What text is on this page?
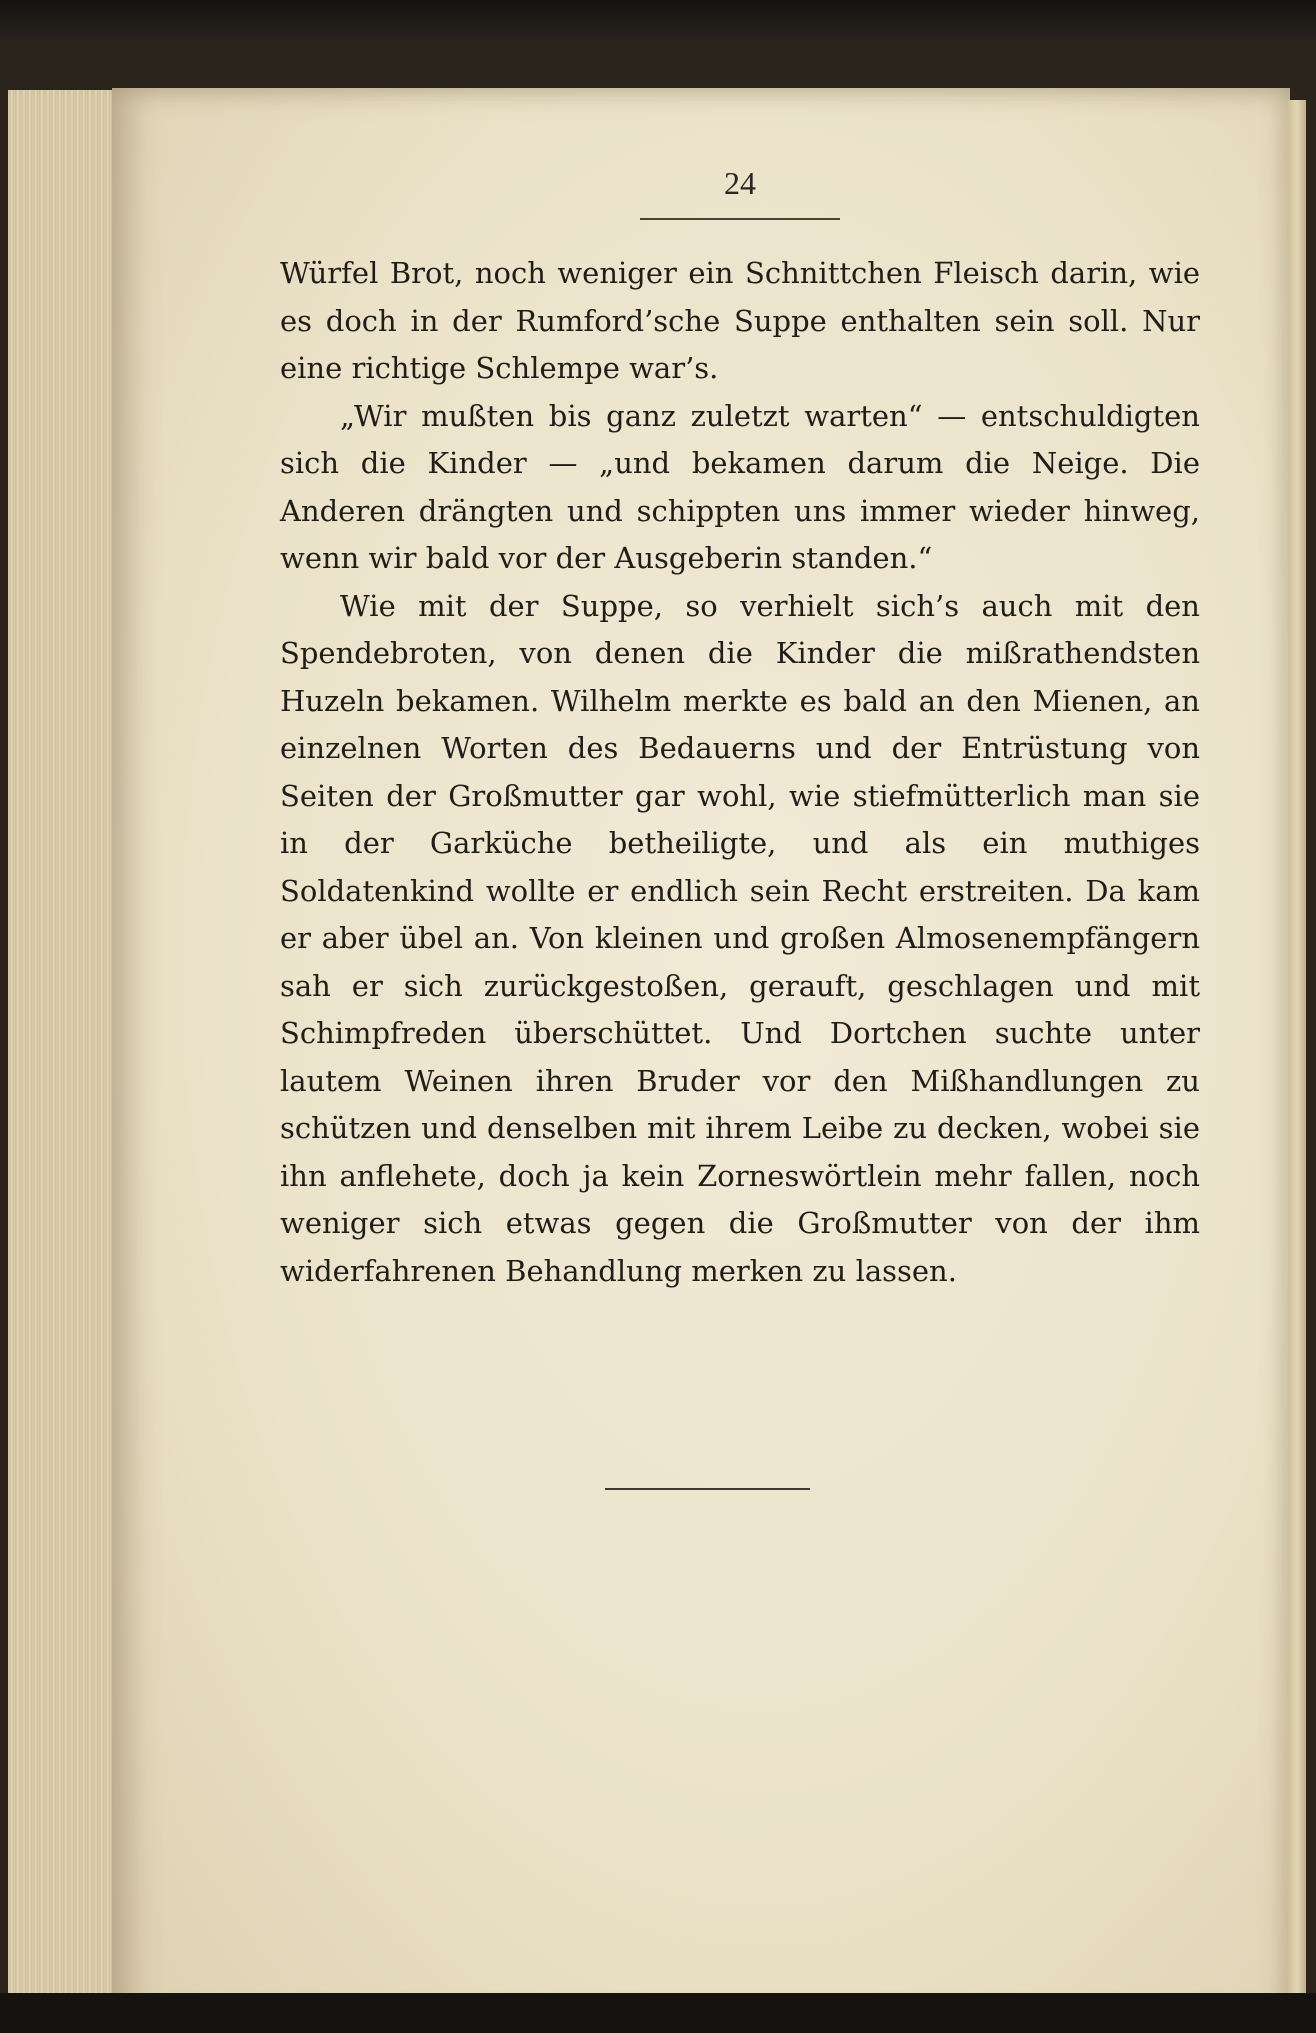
24

Würfel Brot, noch weniger ein Schnittchen Fleisch darin, wie es doch in der Rumford’sche Suppe enthalten sein soll. Nur eine richtige Schlempe war’s.

„Wir mußten bis ganz zuletzt warten“ — entschuldigten sich die Kinder — „und bekamen darum die Neige. Die Anderen drängten und schippten uns immer wieder hinweg, wenn wir bald vor der Ausgeberin standen.“

Wie mit der Suppe, so verhielt sich’s auch mit den Spendebroten, von denen die Kinder die mißrathendsten Huzeln bekamen. Wilhelm merkte es bald an den Mienen, an einzelnen Worten des Bedauerns und der Entrüstung von Seiten der Großmutter gar wohl, wie stiefmütterlich man sie in der Garküche betheiligte, und als ein muthiges Soldatenkind wollte er endlich sein Recht erstreiten. Da kam er aber übel an. Von kleinen und großen Almosenempfängern sah er sich zurückgestoßen, gerauft, geschlagen und mit Schimpfreden überschüttet. Und Dortchen suchte unter lautem Weinen ihren Bruder vor den Mißhandlungen zu schützen und denselben mit ihrem Leibe zu decken, wobei sie ihn anflehete, doch ja kein Zorneswörtlein mehr fallen, noch weniger sich etwas gegen die Großmutter von der ihm widerfahrenen Behandlung merken zu lassen.
